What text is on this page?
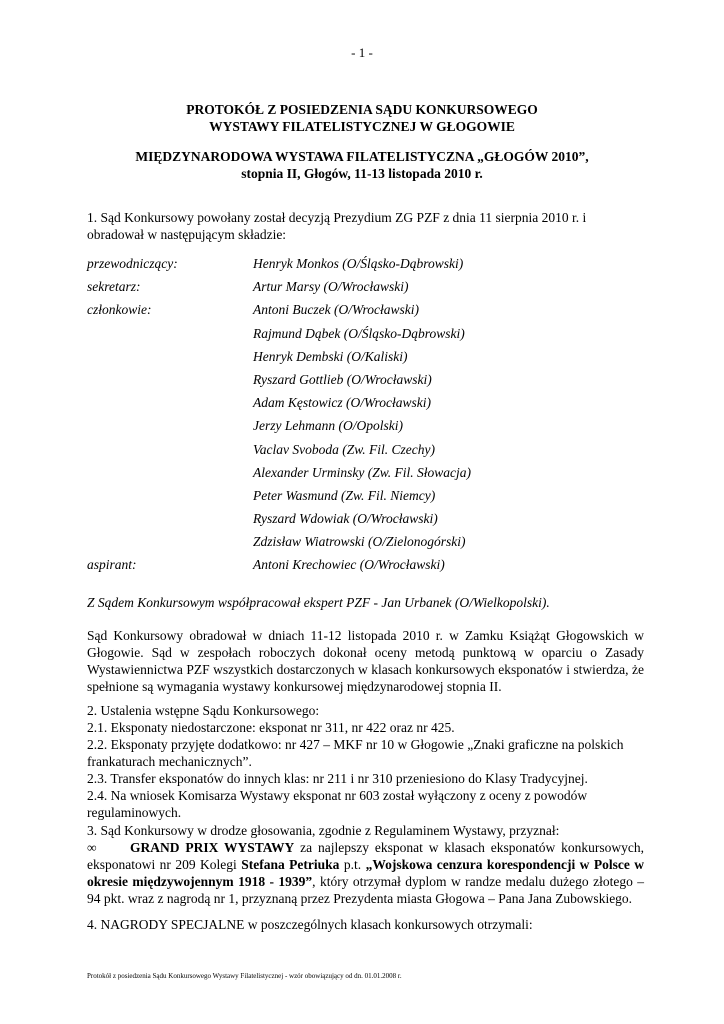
- 1 -
PROTOKÓŁ Z POSIEDZENIA SĄDU KONKURSOWEGO
WYSTAWY FILATELISTYCZNEJ W GŁOGOWIE
MIĘDZYNARODOWA WYSTAWA FILATELISTYCZNA „GŁOGÓW 2010”,
stopnia II, Głogów, 11-13 listopada 2010 r.
1. Sąd Konkursowy powołany został decyzją Prezydium ZG PZF z dnia 11 sierpnia 2010 r. i obradował w następującym składzie:
przewodniczący:	Henryk Monkos (O/Śląsko-Dąbrowski)
sekretarz:	Artur Marsy (O/Wrocławski)
członkowie:	Antoni Buczek (O/Wrocławski)
Rajmund Dąbek (O/Śląsko-Dąbrowski)
Henryk Dembski (O/Kaliski)
Ryszard Gottlieb (O/Wrocławski)
Adam Kęstowicz (O/Wrocławski)
Jerzy Lehmann (O/Opolski)
Vaclav Svoboda (Zw. Fil. Czechy)
Alexander Urminsky (Zw. Fil. Słowacja)
Peter Wasmund (Zw. Fil. Niemcy)
Ryszard Wdowiak (O/Wrocławski)
Zdzisław Wiatrowski (O/Zielonogórski)
aspirant:	Antoni Krechowiec (O/Wrocławski)
Z Sądem Konkursowym współpracował ekspert PZF - Jan Urbanek (O/Wielkopolski).
Sąd Konkursowy obradował w dniach 11-12 listopada 2010 r. w Zamku Książąt Głogowskich w Głogowie. Sąd w zespołach roboczych dokonał oceny metodą punktową w oparciu o Zasady Wystawiennictwa PZF wszystkich dostarczonych w klasach konkursowych eksponatów i stwierdza, że spełnione są wymagania wystawy konkursowej międzynarodowej stopnia II.
2. Ustalenia wstępne Sądu Konkursowego:
2.1. Eksponaty niedostarczone: eksponat nr 311, nr 422 oraz nr 425.
2.2. Eksponaty przyjęte dodatkowo: nr 427 – MKF nr 10 w Głogowie „Znaki graficzne na polskich frankaturach mechanicznych”.
2.3. Transfer eksponatów do innych klas: nr 211 i nr 310 przeniesiono do Klasy Tradycyjnej.
2.4. Na wniosek Komisarza Wystawy eksponat nr 603 został wyłączony z oceny z powodów regulaminowych.
3. Sąd Konkursowy w drodze głosowania, zgodnie z Regulaminem Wystawy, przyznał:
∞ GRAND PRIX WYSTAWY za najlepszy eksponat w klasach eksponatów konkursowych, eksponatowi nr 209 Kolegi Stefana Petriuka p.t. „Wojskowa cenzura korespondencji w Polsce w okresie międzywojennym 1918 - 1939”, który otrzymał dyplom w randze medalu dużego złotego – 94 pkt. wraz z nagrodą nr 1, przyznaną przez Prezydenta miasta Głogowa – Pana Jana Zubowskiego.
4. NAGRODY SPECJALNE w poszczególnych klasach konkursowych otrzymali:
Protokół z posiedzenia Sądu Konkursowego Wystawy Filatelistycznej - wzór obowiązujący od dn. 01.01.2008 r.
